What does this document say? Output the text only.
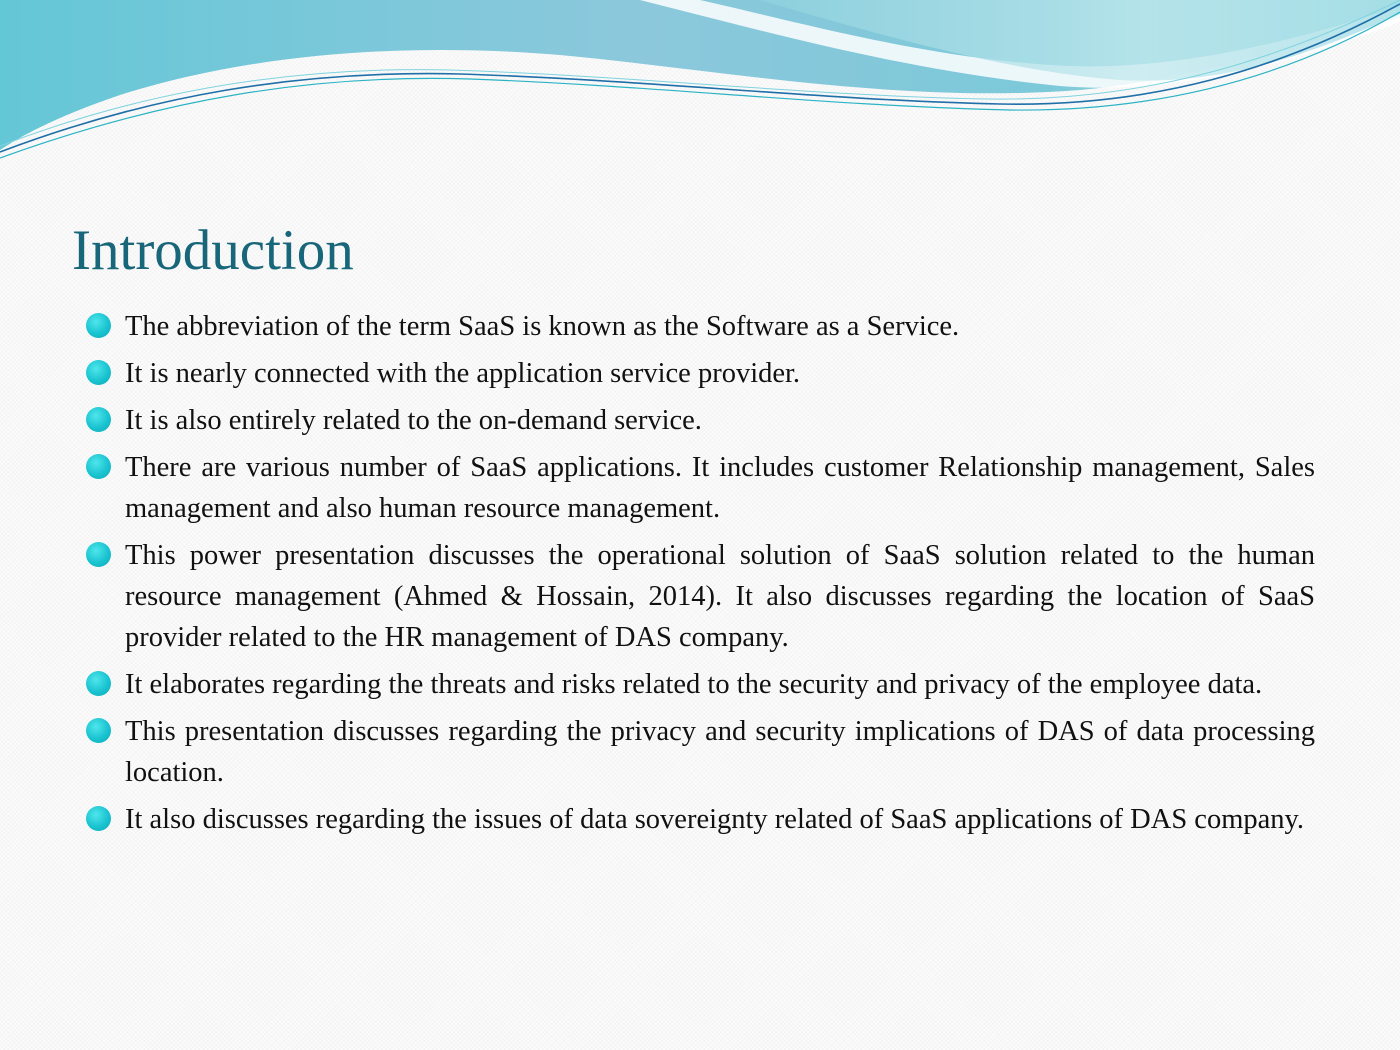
Introduction
The abbreviation of the term SaaS is known as the Software as a Service.
It is nearly connected with the application service provider.
It is also entirely related to the on-demand service.
There are various number of SaaS applications. It includes customer Relationship management, Sales management and also human resource management.
This power presentation discusses the operational solution of SaaS solution related to the human resource management (Ahmed & Hossain, 2014). It also discusses regarding the location of SaaS provider related to the HR management of DAS company.
It elaborates regarding the threats and risks related to the security and privacy of the employee data.
This presentation discusses regarding the privacy and security implications of DAS of data processing location.
It also discusses regarding the issues of data sovereignty related of SaaS applications of DAS company.
